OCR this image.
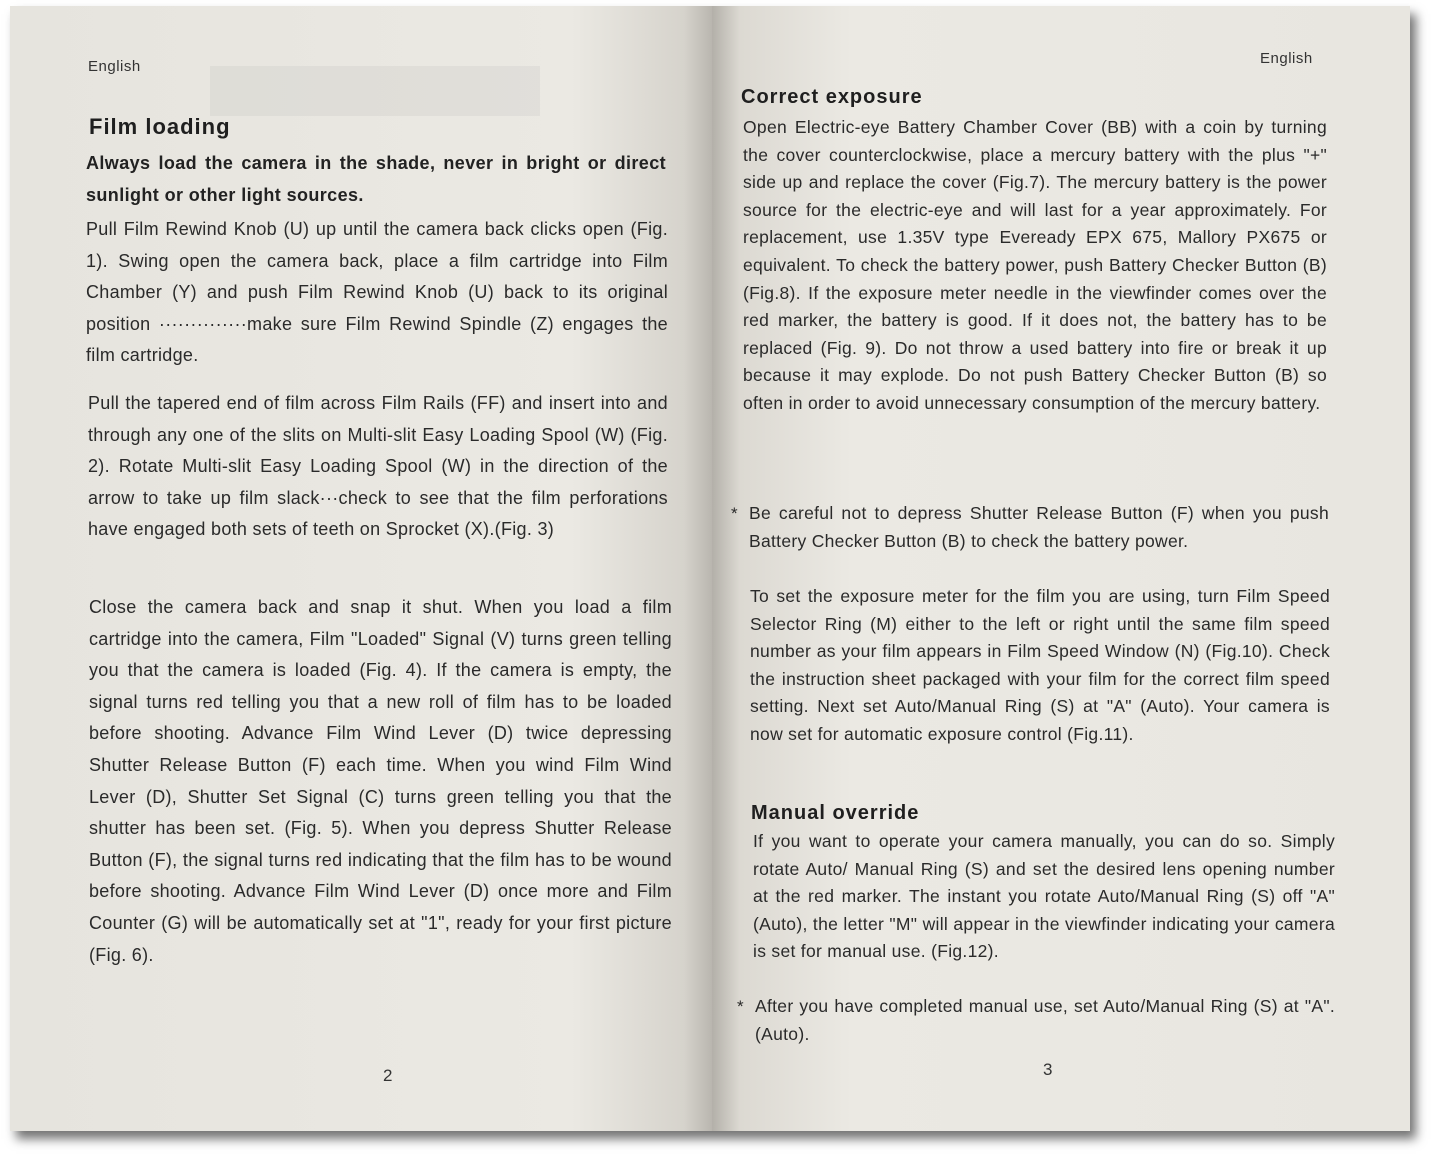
English
Film loading
Always load the camera in the shade, never in bright or direct sunlight or other light sources.
Pull Film Rewind Knob (U) up until the camera back clicks open (Fig. 1). Swing open the camera back, place a film cartridge into Film Chamber (Y) and push Film Rewind Knob (U) back to its original position ··············make sure Film Rewind Spindle (Z) engages the film cartridge.
Pull the tapered end of film across Film Rails (FF) and insert into and through any one of the slits on Multi-slit Easy Loading Spool (W) (Fig. 2). Rotate Multi-slit Easy Loading Spool (W) in the direction of the arrow to take up film slack···check to see that the film perforations have engaged both sets of teeth on Sprocket (X).(Fig. 3)
Close the camera back and snap it shut. When you load a film cartridge into the camera, Film "Loaded" Signal (V) turns green telling you that the camera is loaded (Fig. 4). If the camera is empty, the signal turns red telling you that a new roll of film has to be loaded before shooting. Advance Film Wind Lever (D) twice depressing Shutter Release Button (F) each time. When you wind Film Wind Lever (D), Shutter Set Signal (C) turns green telling you that the shutter has been set. (Fig. 5). When you depress Shutter Release Button (F), the signal turns red indicating that the film has to be wound before shooting. Advance Film Wind Lever (D) once more and Film Counter (G) will be automatically set at "1", ready for your first picture (Fig. 6).
2
English
Correct exposure
Open Electric-eye Battery Chamber Cover (BB) with a coin by turning the cover counterclockwise, place a mercury battery with the plus "+" side up and replace the cover (Fig.7). The mercury battery is the power source for the electric-eye and will last for a year approximately. For replacement, use 1.35V type Eveready EPX 675, Mallory PX675 or equivalent. To check the battery power, push Battery Checker Button (B) (Fig.8). If the exposure meter needle in the viewfinder comes over the red marker, the battery is good. If it does not, the battery has to be replaced (Fig. 9). Do not throw a used battery into fire or break it up because it may explode. Do not push Battery Checker Button (B) so often in order to avoid unnecessary consumption of the mercury battery.
* Be careful not to depress Shutter Release Button (F) when you push Battery Checker Button (B) to check the battery power.
To set the exposure meter for the film you are using, turn Film Speed Selector Ring (M) either to the left or right until the same film speed number as your film appears in Film Speed Window (N) (Fig.10). Check the instruction sheet packaged with your film for the correct film speed setting. Next set Auto/Manual Ring (S) at "A" (Auto). Your camera is now set for automatic exposure control (Fig.11).
Manual override
If you want to operate your camera manually, you can do so. Simply rotate Auto/ Manual Ring (S) and set the desired lens opening number at the red marker. The instant you rotate Auto/Manual Ring (S) off "A" (Auto), the letter "M" will appear in the viewfinder indicating your camera is set for manual use. (Fig.12).
* After you have completed manual use, set Auto/Manual Ring (S) at "A". (Auto).
3
